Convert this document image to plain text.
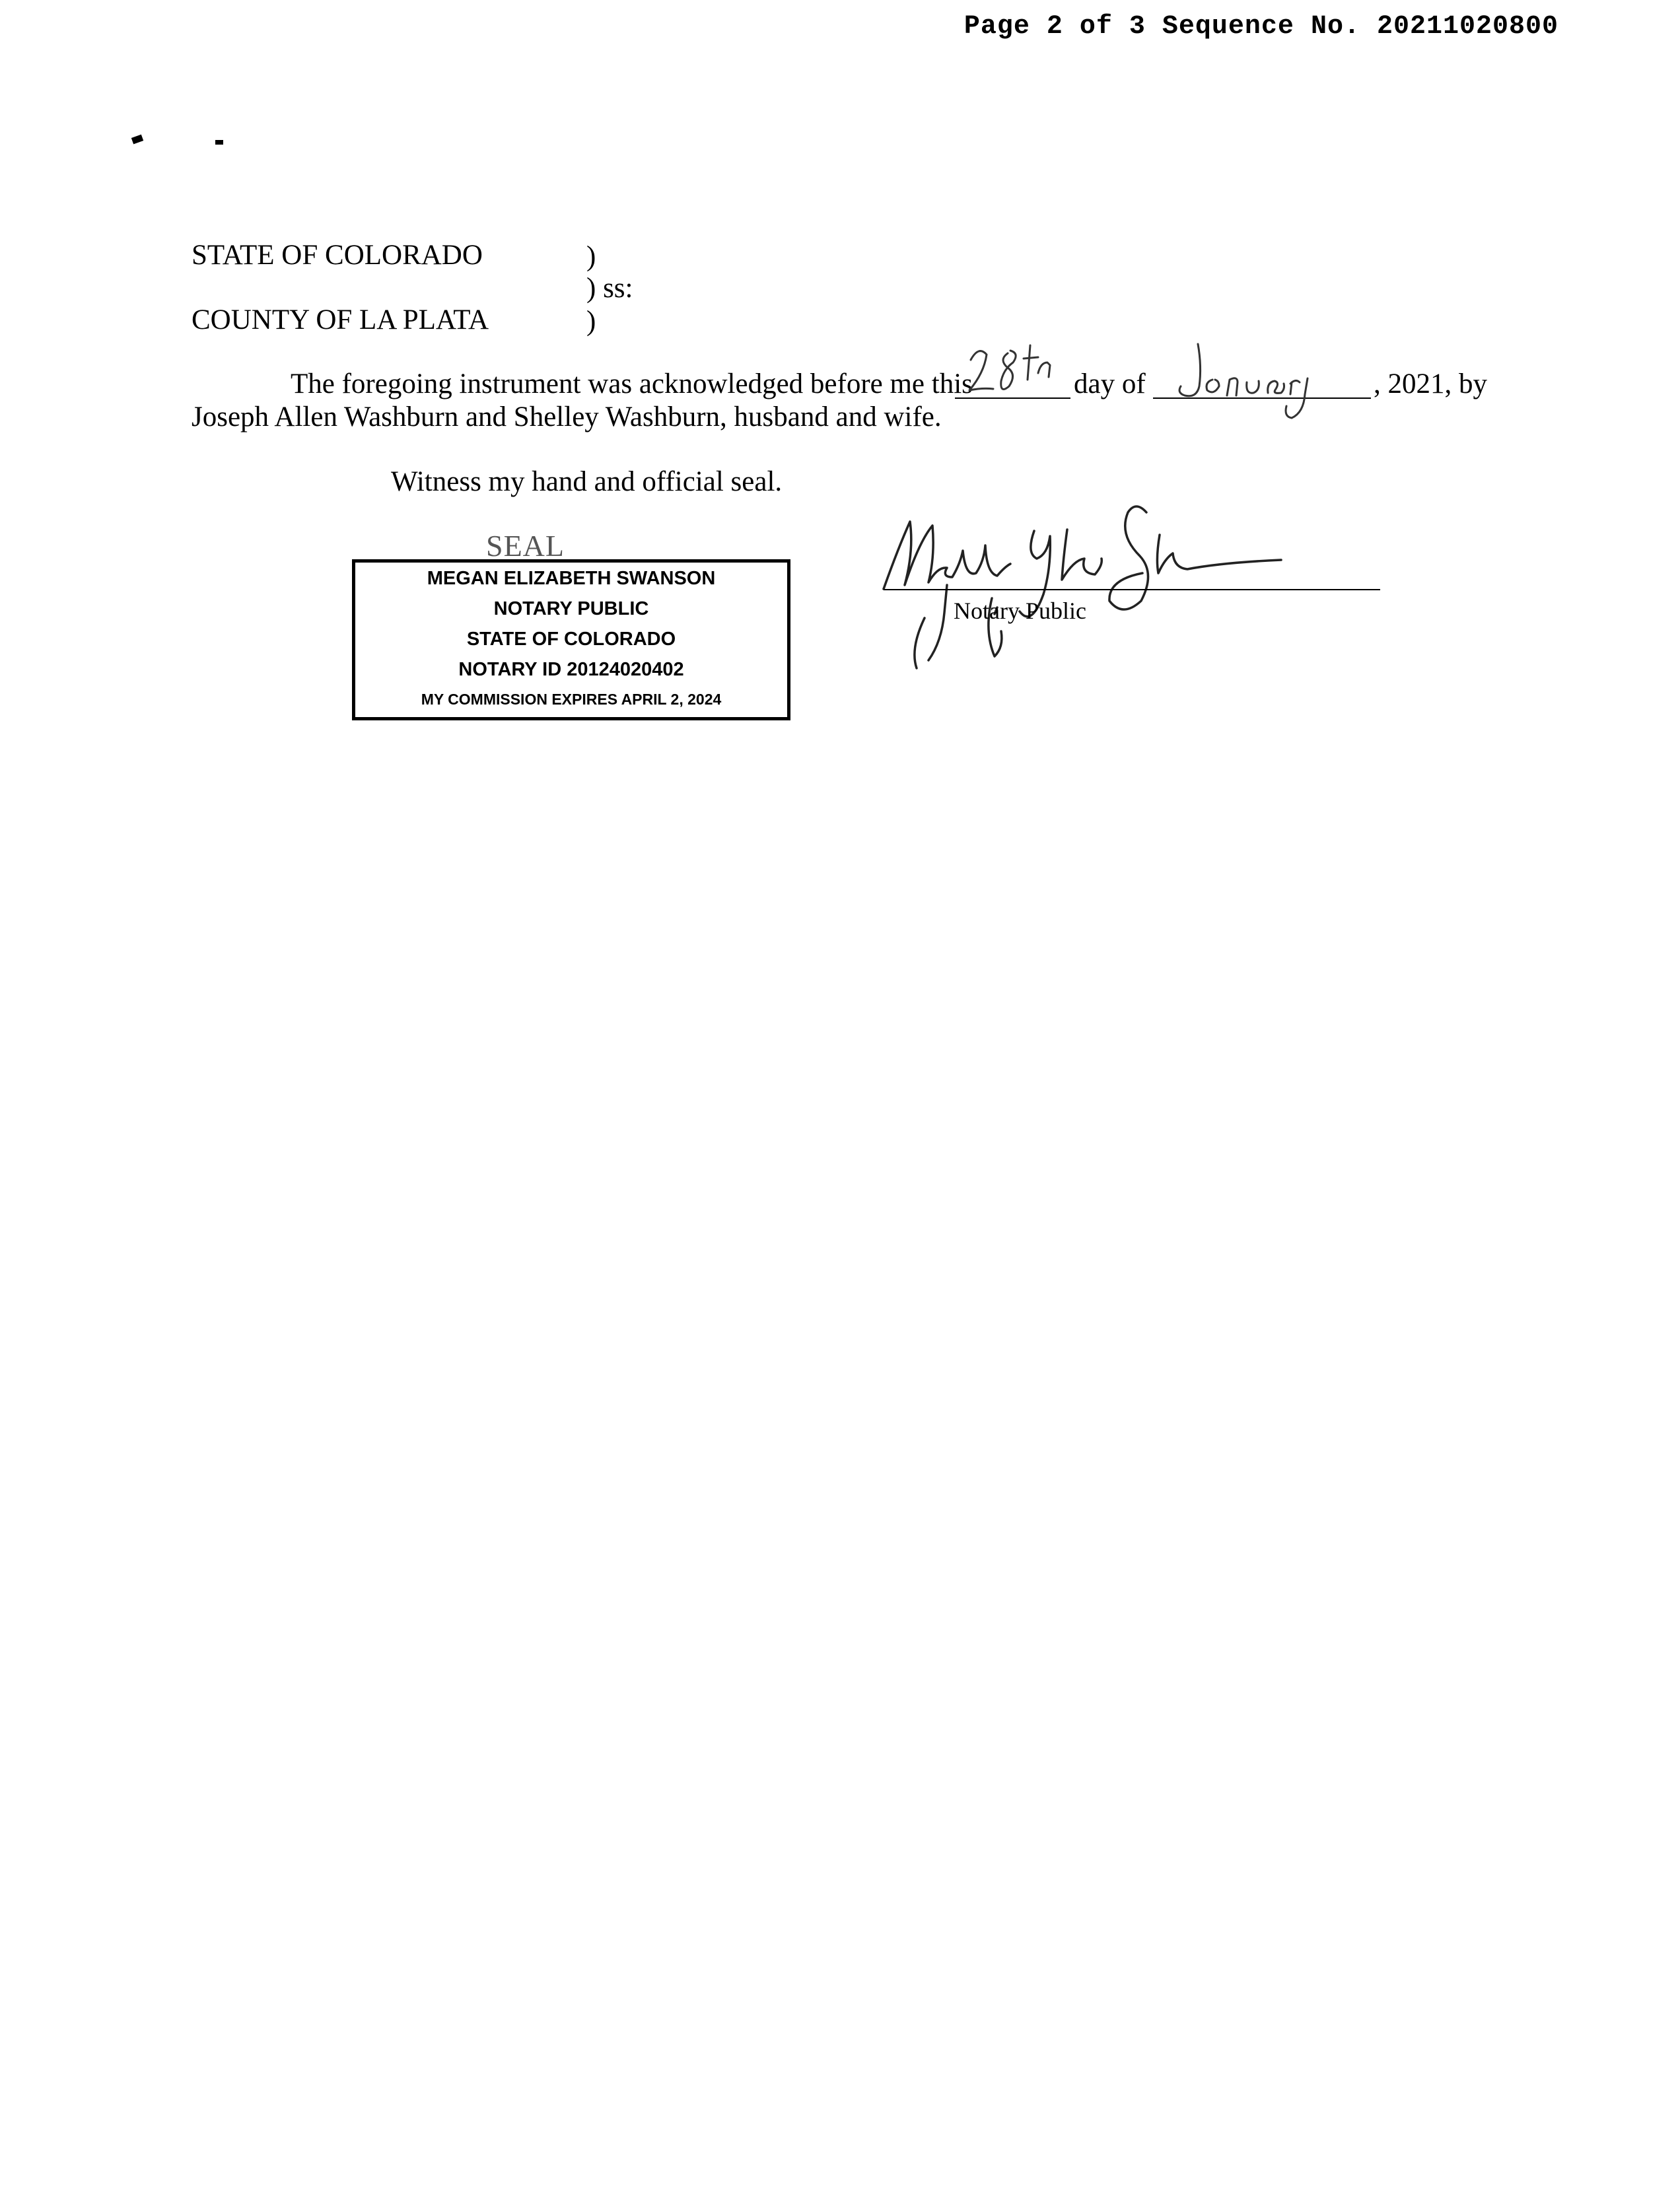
Page 2 of 3 Sequence No. 20211020800
STATE OF COLORADO	)
) ss:
COUNTY OF LA PLATA	)
The foregoing instrument was acknowledged before me this	day of	, 2021, by
Joseph Allen Washburn and Shelley Washburn, husband and wife.
Witness my hand and official seal.
SEAL
MEGAN ELIZABETH SWANSON
NOTARY PUBLIC
STATE OF COLORADO
NOTARY ID 20124020402
MY COMMISSION EXPIRES APRIL 2, 2024
Notary Public
